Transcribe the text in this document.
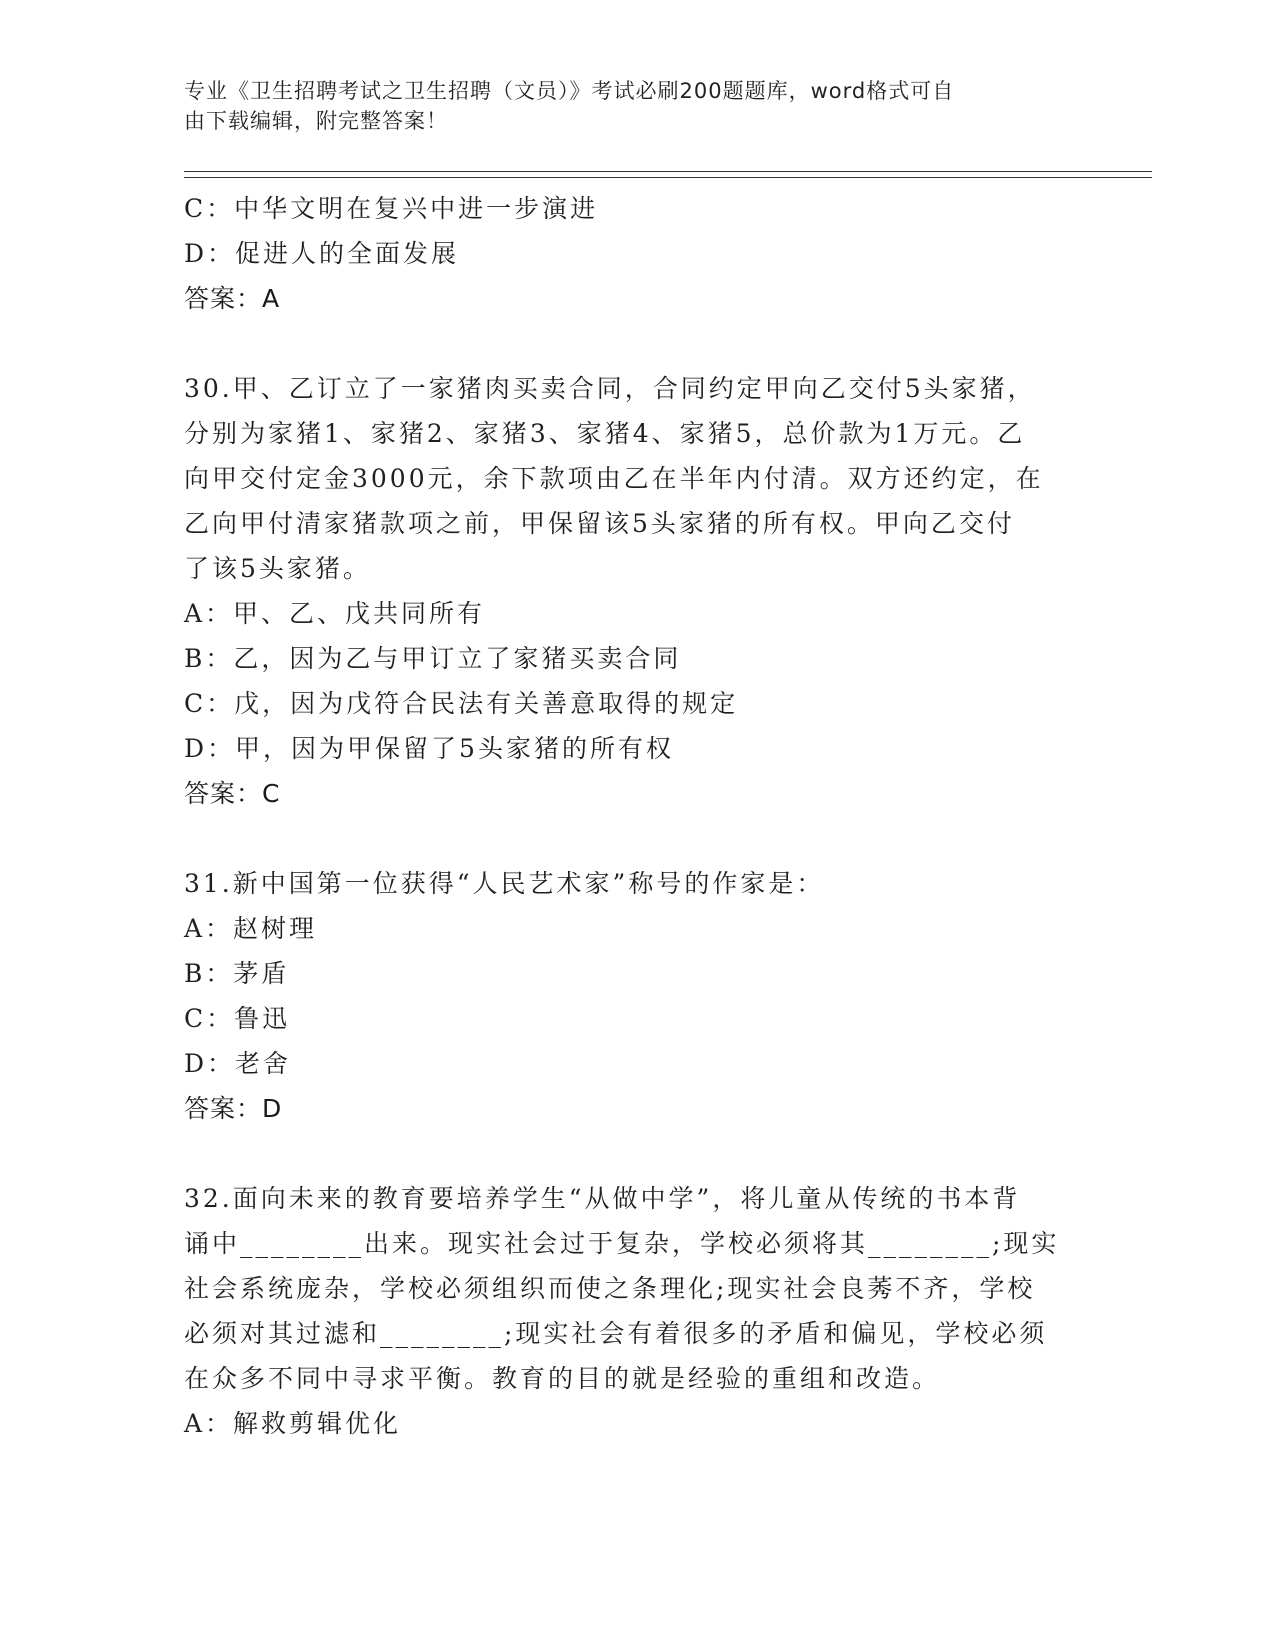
专业《卫生招聘考试之卫生招聘（文员）》考试必刷200题题库，word格式可自
由下载编辑，附完整答案！
C：中华文明在复兴中进一步演进
D：促进人的全面发展
答案：A
30.甲、乙订立了一家猪肉买卖合同，合同约定甲向乙交付5头家猪，
分别为家猪1、家猪2、家猪3、家猪4、家猪5，总价款为1万元。乙
向甲交付定金3000元，余下款项由乙在半年内付清。双方还约定，在
乙向甲付清家猪款项之前，甲保留该5头家猪的所有权。甲向乙交付
了该5头家猪。
A：甲、乙、戊共同所有
B：乙，因为乙与甲订立了家猪买卖合同
C：戊，因为戊符合民法有关善意取得的规定
D：甲，因为甲保留了5头家猪的所有权
答案：C
31.新中国第一位获得“人民艺术家”称号的作家是：
A：赵树理
B：茅盾
C：鲁迅
D：老舍
答案：D
32.面向未来的教育要培养学生“从做中学”，将儿童从传统的书本背
诵中________出来。现实社会过于复杂，学校必须将其________;现实
社会系统庞杂，学校必须组织而使之条理化;现实社会良莠不齐，学校
必须对其过滤和________;现实社会有着很多的矛盾和偏见，学校必须
在众多不同中寻求平衡。教育的目的就是经验的重组和改造。
A：解救剪辑优化
